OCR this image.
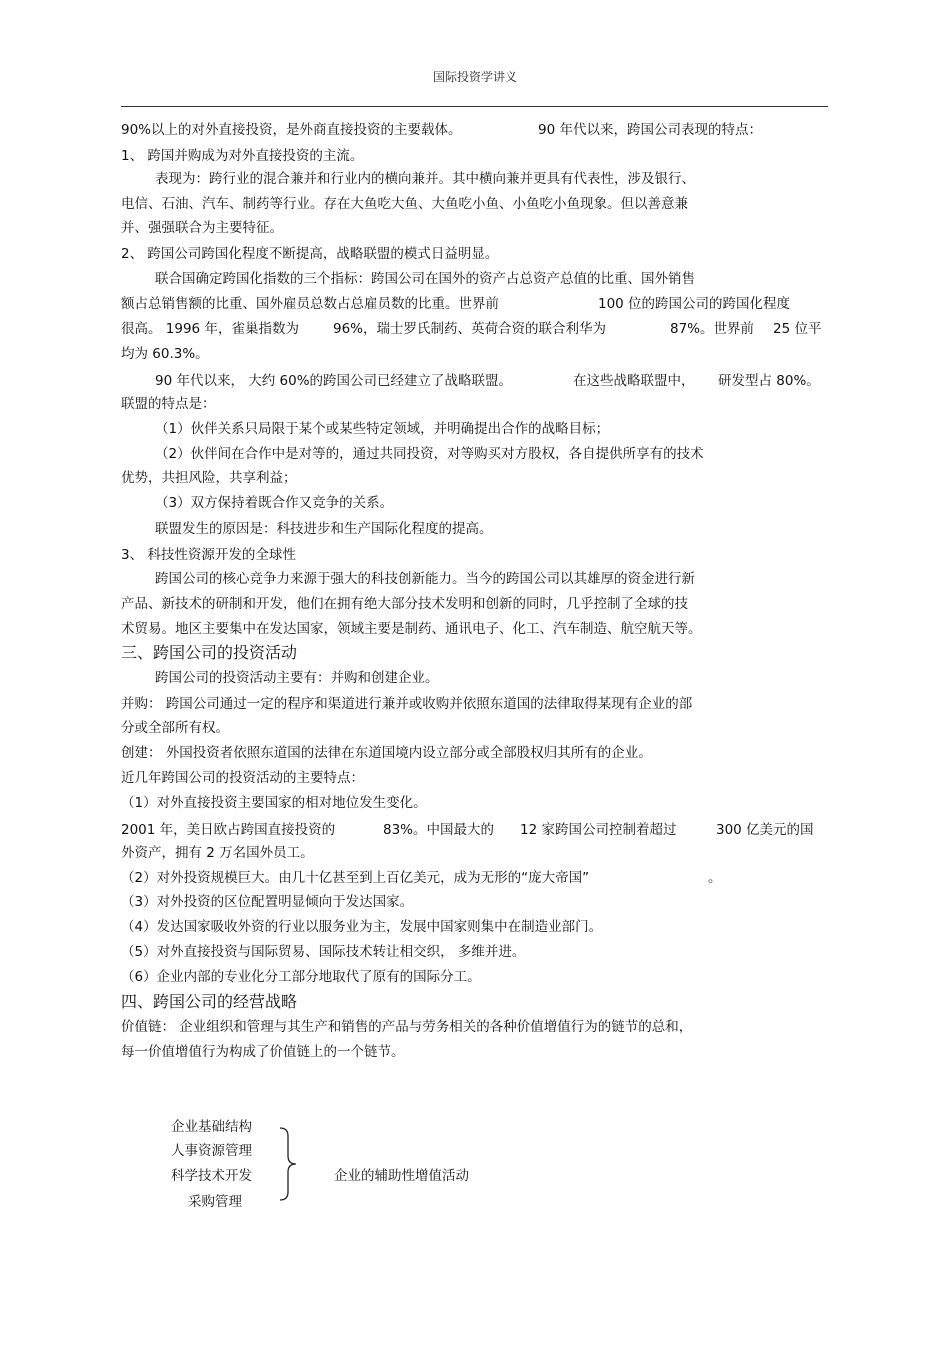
国际投资学讲义
90%以上的对外直接投资，是外商直接投资的主要载体。	90 年代以来，跨国公司表现的特点：
1、 跨国并购成为对外直接投资的主流。
表现为：跨行业的混合兼并和行业内的横向兼并。其中横向兼并更具有代表性，涉及银行、
电信、石油、汽车、制药等行业。存在大鱼吃大鱼、大鱼吃小鱼、小鱼吃小鱼现象。但以善意兼
并、强强联合为主要特征。
2、 跨国公司跨国化程度不断提高，战略联盟的模式日益明显。
联合国确定跨国化指数的三个指标：跨国公司在国外的资产占总资产总值的比重、国外销售
额占总销售额的比重、国外雇员总数占总雇员数的比重。世界前	100 位的跨国公司的跨国化程度
很高。 1996 年，雀巢指数为	96%，瑞士罗氏制药、英荷合资的联合利华为	87%。世界前 25 位平
均为 60.3%。
90 年代以来， 大约 60%的跨国公司已经建立了战略联盟。	在这些战略联盟中， 研发型占 80%。
联盟的特点是：
（1）伙伴关系只局限于某个或某些特定领域，并明确提出合作的战略目标；
（2）伙伴间在合作中是对等的，通过共同投资，对等购买对方股权，各自提供所享有的技术
优势，共担风险，共享利益；
（3）双方保持着既合作又竞争的关系。
联盟发生的原因是：科技进步和生产国际化程度的提高。
3、 科技性资源开发的全球性
跨国公司的核心竞争力来源于强大的科技创新能力。当今的跨国公司以其雄厚的资金进行新
产品、新技术的研制和开发，他们在拥有绝大部分技术发明和创新的同时，几乎控制了全球的技
术贸易。地区主要集中在发达国家，领域主要是制药、通讯电子、化工、汽车制造、航空航天等。
三、跨国公司的投资活动
跨国公司的投资活动主要有：并购和创建企业。
并购： 跨国公司通过一定的程序和渠道进行兼并或收购并依照东道国的法律取得某现有企业的部
分或全部所有权。
创建： 外国投资者依照东道国的法律在东道国境内设立部分或全部股权归其所有的企业。
近几年跨国公司的投资活动的主要特点：
（1）对外直接投资主要国家的相对地位发生变化。
2001 年，美日欧占跨国直接投资的	83%。中国最大的 12 家跨国公司控制着超过	300 亿美元的国
外资产，拥有 2 万名国外员工。
（2）对外投资规模巨大。由几十亿甚至到上百亿美元，成为无形的“庞大帝国”	。
（3）对外投资的区位配置明显倾向于发达国家。
（4）发达国家吸收外资的行业以服务业为主，发展中国家则集中在制造业部门。
（5）对外直接投资与国际贸易、国际技术转让相交织， 多维并进。
（6）企业内部的专业化分工部分地取代了原有的国际分工。
四、跨国公司的经营战略
价值链： 企业组织和管理与其生产和销售的产品与劳务相关的各种价值增值行为的链节的总和，
每一价值增值行为构成了价值链上的一个链节。
企业基础结构
人事资源管理
科学技术开发
采购管理
企业的辅助性增值活动
